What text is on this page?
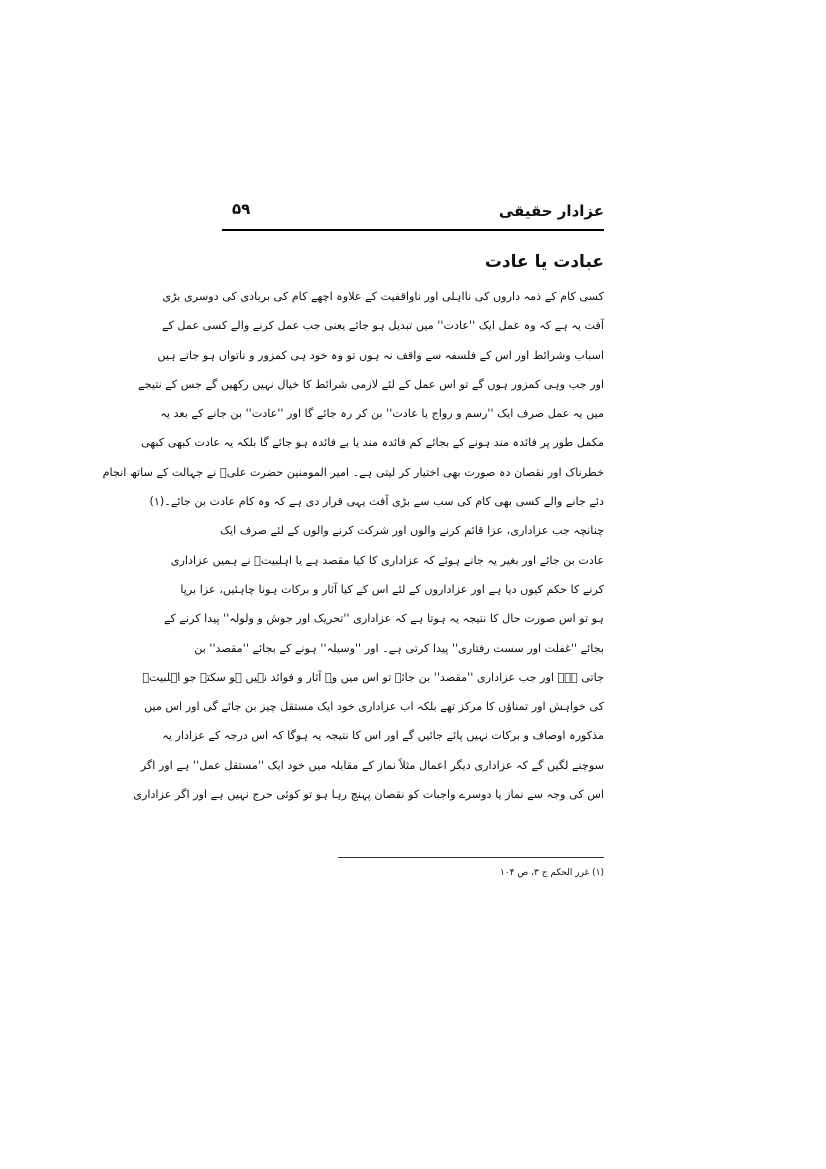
عزادار حقیقی
۵۹
عبادت یا عادت
کسی کام کے ذمہ داروں کی نااہلی اور ناواقفیت کے علاوہ اچھے کام کی بربادی کی دوسری بڑی
آفت یہ ہے کہ وہ عمل ایک ''عادت'' میں تبدیل ہو جائے یعنی جب عمل کرنے والے کسی عمل کے
اسباب وشرائط اور اس کے فلسفہ سے واقف نہ ہوں تو وہ خود ہی کمزور و ناتواں ہو جاتے ہیں
اور جب وہی کمزور ہوں گے تو اس عمل کے لئے لازمی شرائط کا خیال نہیں رکھیں گے جس کے نتیجے
میں یہ عمل صرف ایک ''رسم و رواج یا عادت'' بن کر رہ جائے گا اور ''عادت'' بن جانے کے بعد یہ
مکمل طور پر فائدہ مند ہونے کے بجائے کم فائدہ مند یا بے فائدہ ہو جائے گا بلکہ یہ عادت کبھی کبھی
خطرناک اور نقصان دہ صورت بھی اختیار کر لیتی ہے۔ امیر المومنین حضرت علیؑ نے جہالت کے ساتھ انجام
دئے جانے والے کسی بھی کام کی سب سے بڑی آفت یہی قرار دی ہے کہ وہ کام عادت بن جائے۔(۱)
چنانچہ جب عزاداری، عزا قائم کرنے والوں اور شرکت کرنے والوں کے لئے صرف ایک
عادت بن جائے اور بغیر یہ جانے ہوئے کہ عزاداری کا کیا مقصد ہے یا اہلبیتؑ نے ہمیں عزاداری
کرنے کا حکم کیوں دیا ہے اور عزاداروں کے لئے اس کے کیا آثار و برکات ہونا چاہئیں، عزا برپا
ہو تو اس صورت حال کا نتیجہ یہ ہوتا ہے کہ عزاداری ''تحریک اور جوش و ولولہ'' پیدا کرنے کے
بجائے ''غفلت اور سست رفتاری'' پیدا کرتی ہے۔ اور ''وسیلہ'' ہونے کے بجائے ''مقصد'' بن
جاتی ہے۔ اور جب عزاداری ''مقصد'' بن جائے تو اس میں وہ آثار و فوائد نہیں ہو سکتے جو اہلبیتؑ
کی خواہش اور تمناؤں کا مرکز تھے بلکہ اب عزاداری خود ایک مستقل چیز بن جائے گی اور اس میں
مذکورہ اوصاف و برکات نہیں پائے جائیں گے اور اس کا نتیجہ یہ ہوگا کہ اس درجہ کے عزادار یہ
سوچنے لگیں گے کہ عزاداری دیگر اعمال مثلاً نماز کے مقابلہ میں خود ایک ''مستقل عمل'' ہے اور اگر
اس کی وجہ سے نماز یا دوسرے واجبات کو نقصان پہنچ رہا ہو تو کوئی حرج نہیں ہے اور اگر عزاداری
(۱) غرر الحکم ج ۳، ص ۱۰۴
